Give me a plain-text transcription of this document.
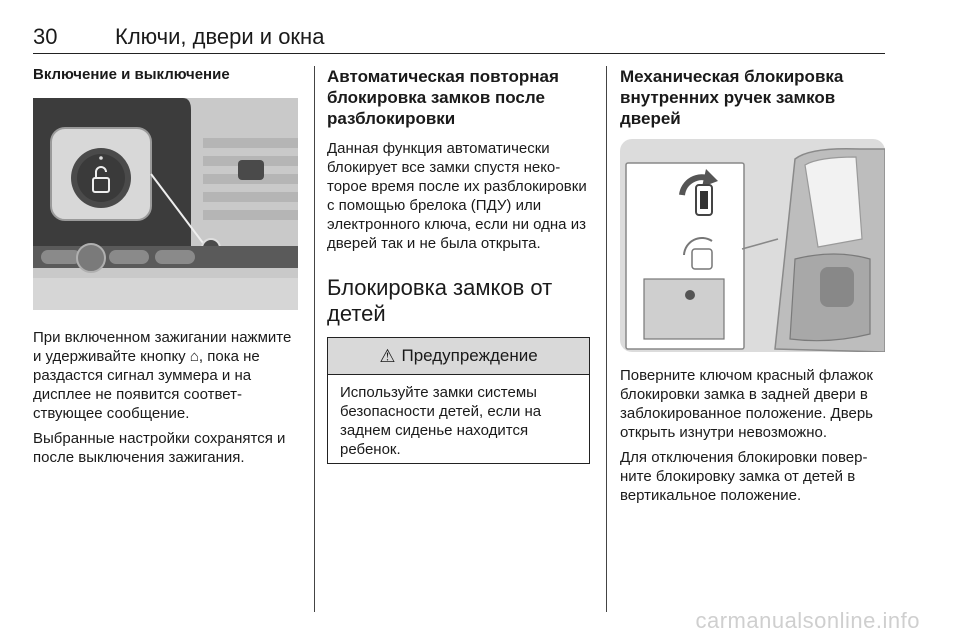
30	Ключи, двери и окна
Включение и выключение
При включенном зажигании нажмите и удерживайте кнопку ⌂, пока не раздастся сигнал зуммера и на дисплее не появится соответствующее сообщение.
Выбранные настройки сохранятся и после выключения зажигания.
Автоматическая повторная блокировка замков после разблокировки
Данная функция автоматически блокирует все замки спустя некоторое время после их разблокировки с помощью брелока (ПДУ) или электронного ключа, если ни одна из дверей так и не была открыта.
Блокировка замков от детей
⚠ Предупреждение
Используйте замки системы безопасности детей, если на заднем сиденье находится ребенок.
Механическая блокировка внутренних ручек замков дверей
Поверните ключом красный флажок блокировки замка в задней двери в заблокированное положение. Дверь открыть изнутри невозможно.
Для отключения блокировки поверните блокировку замка от детей в вертикальное положение.
carmanualsonline.info
